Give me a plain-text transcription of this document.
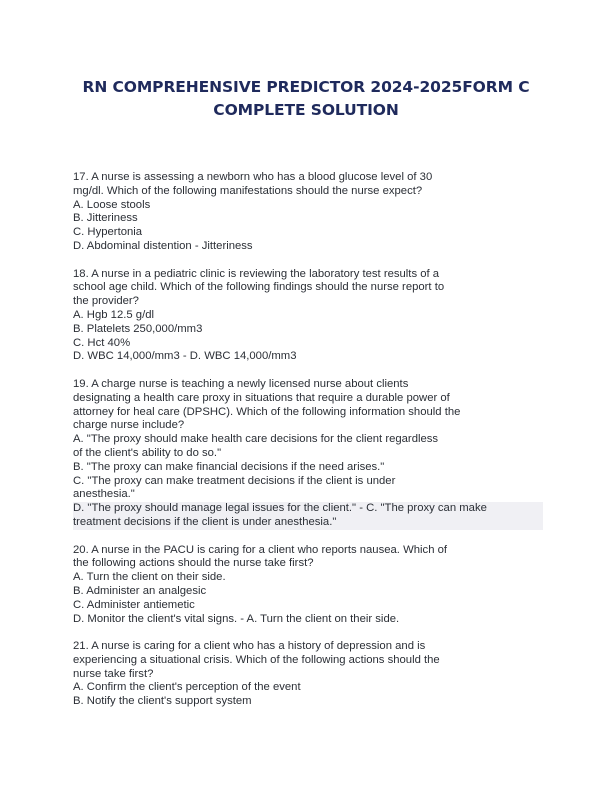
RN COMPREHENSIVE PREDICTOR 2024-2025FORM C
COMPLETE SOLUTION
17. A nurse is assessing a newborn who has a blood glucose level of 30
mg/dl. Which of the following manifestations should the nurse expect?
A. Loose stools
B. Jitteriness
C. Hypertonia
D. Abdominal distention - Jitteriness
18. A nurse in a pediatric clinic is reviewing the laboratory test results of a
school age child. Which of the following findings should the nurse report to
the provider?
A. Hgb 12.5 g/dl
B. Platelets 250,000/mm3
C. Hct 40%
D. WBC 14,000/mm3 - D. WBC 14,000/mm3
19. A charge nurse is teaching a newly licensed nurse about clients
designating a health care proxy in situations that require a durable power of
attorney for heal care (DPSHC). Which of the following information should the
charge nurse include?
A. "The proxy should make health care decisions for the client regardless
of the client's ability to do so."
B. "The proxy can make financial decisions if the need arises."
C. "The proxy can make treatment decisions if the client is under
anesthesia."
D. "The proxy should manage legal issues for the client." - C. "The proxy can make
treatment decisions if the client is under anesthesia."
20. A nurse in the PACU is caring for a client who reports nausea. Which of
the following actions should the nurse take first?
A. Turn the client on their side.
B. Administer an analgesic
C. Administer antiemetic
D. Monitor the client's vital signs. - A. Turn the client on their side.
21. A nurse is caring for a client who has a history of depression and is
experiencing a situational crisis. Which of the following actions should the
nurse take first?
A. Confirm the client's perception of the event
B. Notify the client's support system
